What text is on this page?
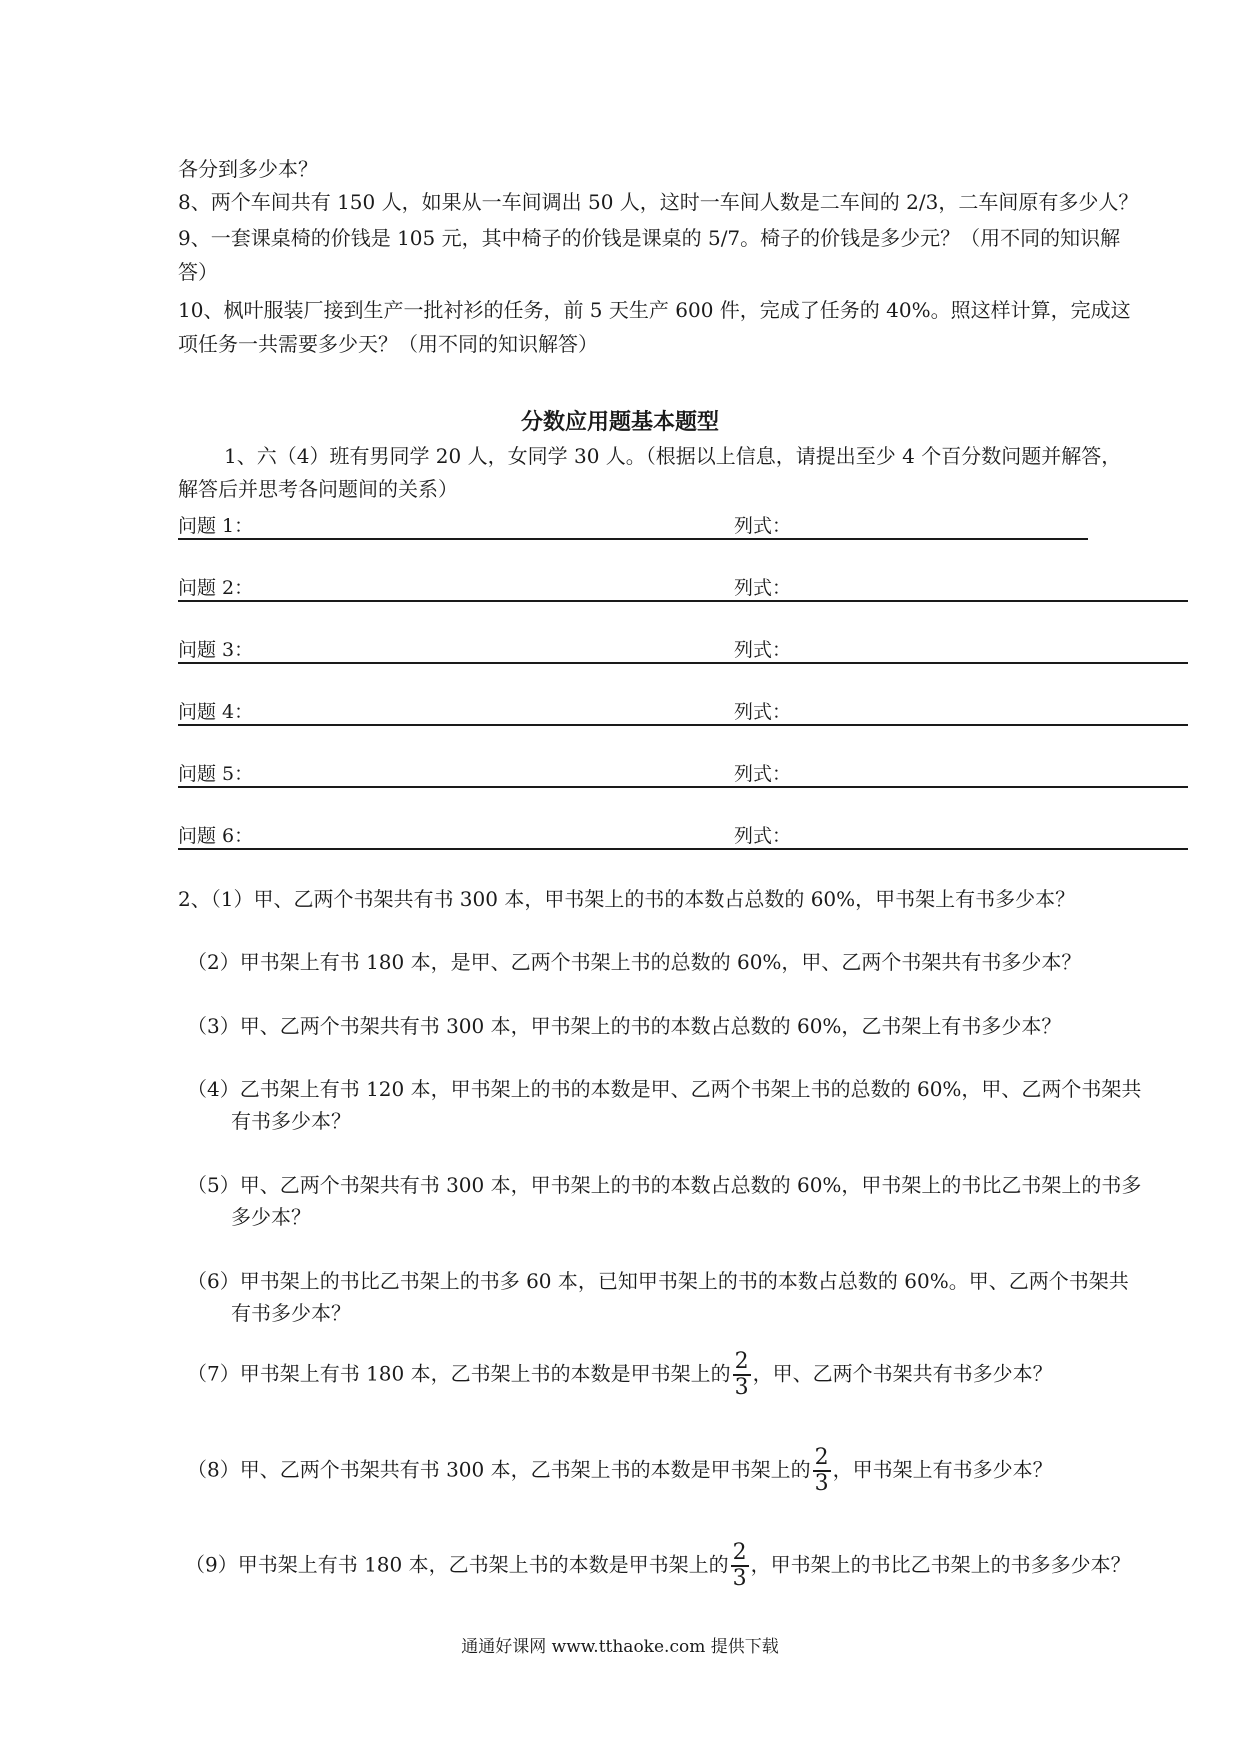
各分到多少本？
8、两个车间共有 150 人，如果从一车间调出 50 人，这时一车间人数是二车间的 2/3，二车间原有多少人？
9、一套课桌椅的价钱是 105 元，其中椅子的价钱是课桌的 5/7。椅子的价钱是多少元？（用不同的知识解
答）
10、枫叶服装厂接到生产一批衬衫的任务，前 5 天生产 600 件，完成了任务的 40%。照这样计算，完成这
项任务一共需要多少天？（用不同的知识解答）
分数应用题基本题型
1、六（4）班有男同学 20 人，女同学 30 人。（根据以上信息，请提出至少 4 个百分数问题并解答，
解答后并思考各问题间的关系）
问题 1：	列式：
问题 2：	列式：
问题 3：	列式：
问题 4：	列式：
问题 5：	列式：
问题 6：	列式：
2、（1）甲、乙两个书架共有书 300 本，甲书架上的书的本数占总数的 60%，甲书架上有书多少本？
（2）甲书架上有书 180 本，是甲、乙两个书架上书的总数的 60%，甲、乙两个书架共有书多少本？
（3）甲、乙两个书架共有书 300 本，甲书架上的书的本数占总数的 60%，乙书架上有书多少本？
（4）乙书架上有书 120 本，甲书架上的书的本数是甲、乙两个书架上书的总数的 60%，甲、乙两个书架共
有书多少本？
（5）甲、乙两个书架共有书 300 本，甲书架上的书的本数占总数的 60%，甲书架上的书比乙书架上的书多
多少本？
（6）甲书架上的书比乙书架上的书多 60 本，已知甲书架上的书的本数占总数的 60%。甲、乙两个书架共
有书多少本？
（7）甲书架上有书 180 本，乙书架上书的本数是甲书架上的 $\frac{2}{3}$ ，甲、乙两个书架共有书多少本？
（8）甲、乙两个书架共有书 300 本，乙书架上书的本数是甲书架上的 $\frac{2}{3}$ ，甲书架上有书多少本？
（9）甲书架上有书 180 本，乙书架上书的本数是甲书架上的 $\frac{2}{3}$ ，甲书架上的书比乙书架上的书多多少本？
通通好课网 www.tthaoke.com 提供下载
